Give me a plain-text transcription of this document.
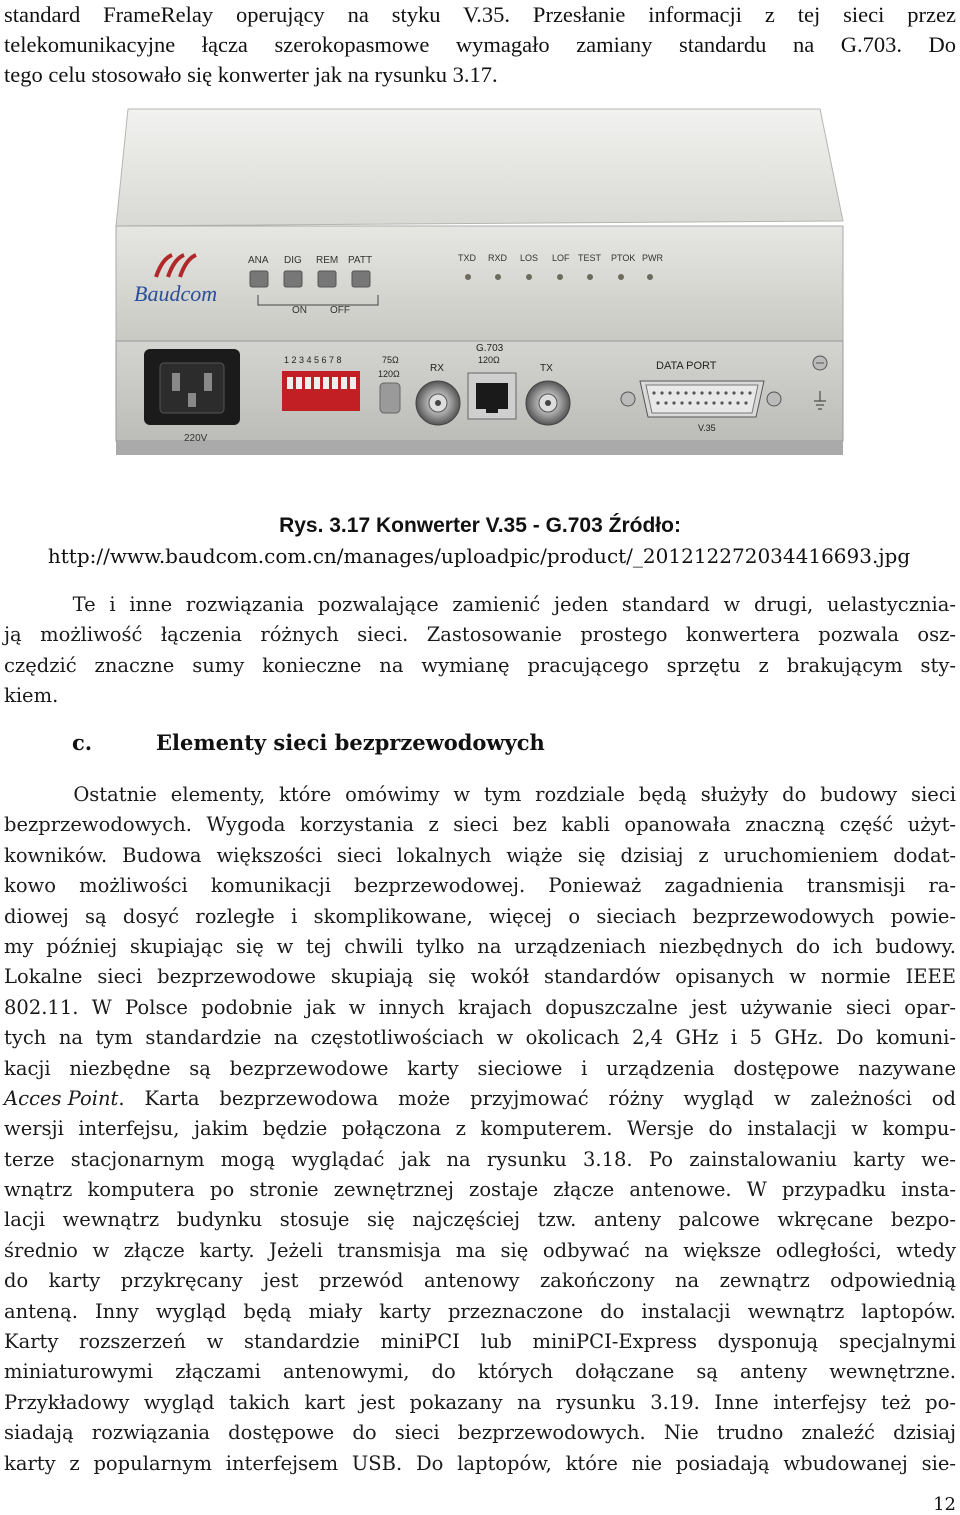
standard FrameRelay operujący na styku V.35. Przesłanie informacji z tej sieci przez
telekomunikacyjne łącza szerokopasmowe wymagało zamiany standardu na G.703. Do
tego celu stosowało się konwerter jak na rysunku 3.17.
Baudcom
ANA DIG REM PATT
ON OFF
TXD RXD LOS LOF TEST PTOK PWR
220V
1 2 3 4 5 6 7 8	75Ω
120Ω	RX
G.703
120Ω
TX	DATA PORT
V.35
Rys. 3.17 Konwerter V.35 - G.703 Źródło:
http://www.baudcom.com.cn/manages/uploadpic/product/_201212272034416693.jpg
Te i inne rozwiązania pozwalające zamienić jeden standard w drugi, uelastycznia-
ją możliwość łączenia różnych sieci. Zastosowanie prostego konwertera pozwala osz-
czędzić znaczne sumy konieczne na wymianę pracującego sprzętu z brakującym sty-
kiem.
c.	Elementy sieci bezprzewodowych
Ostatnie elementy, które omówimy w tym rozdziale będą służyły do budowy sieci
bezprzewodowych. Wygoda korzystania z sieci bez kabli opanowała znaczną część użyt-
kowników. Budowa większości sieci lokalnych wiąże się dzisiaj z uruchomieniem dodat-
kowo możliwości komunikacji bezprzewodowej. Ponieważ zagadnienia transmisji ra-
diowej są dosyć rozległe i skomplikowane, więcej o sieciach bezprzewodowych powie-
my później skupiając się w tej chwili tylko na urządzeniach niezbędnych do ich budowy.
Lokalne sieci bezprzewodowe skupiają się wokół standardów opisanych w normie IEEE
802.11. W Polsce podobnie jak w innych krajach dopuszczalne jest używanie sieci opar-
tych na tym standardzie na częstotliwościach w okolicach 2,4 GHz i 5 GHz. Do komuni-
kacji niezbędne są bezprzewodowe karty sieciowe i urządzenia dostępowe nazywane
Acces Point . Karta bezprzewodowa może przyjmować różny wygląd w zależności od
wersji interfejsu, jakim będzie połączona z komputerem. Wersje do instalacji w kompu-
terze stacjonarnym mogą wyglądać jak na rysunku 3.18. Po zainstalowaniu karty we-
wnątrz komputera po stronie zewnętrznej zostaje złącze antenowe. W przypadku insta-
lacji wewnątrz budynku stosuje się najczęściej tzw. anteny palcowe wkręcane bezpo-
średnio w złącze karty. Jeżeli transmisja ma się odbywać na większe odległości, wtedy
do karty przykręcany jest przewód antenowy zakończony na zewnątrz odpowiednią
anteną. Inny wygląd będą miały karty przeznaczone do instalacji wewnątrz laptopów.
Karty rozszerzeń w standardzie miniPCI lub miniPCI-Express dysponują specjalnymi
miniaturowymi złączami antenowymi, do których dołączane są anteny wewnętrzne.
Przykładowy wygląd takich kart jest pokazany na rysunku 3.19. Inne interfejsy też po-
siadają rozwiązania dostępowe do sieci bezprzewodowych. Nie trudno znaleźć dzisiaj
karty z popularnym interfejsem USB. Do laptopów, które nie posiadają wbudowanej sie-
12
